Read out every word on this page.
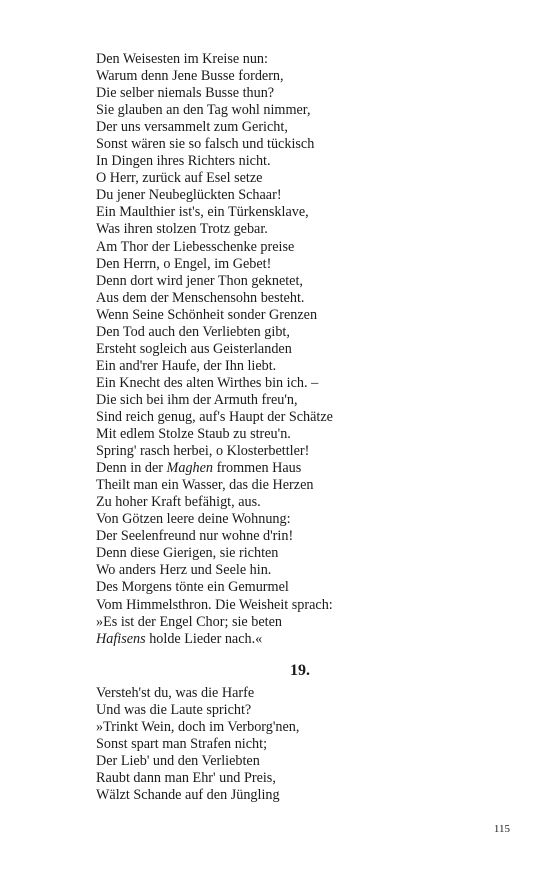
Den Weisesten im Kreise nun:
Warum denn Jene Busse fordern,
Die selber niemals Busse thun?
Sie glauben an den Tag wohl nimmer,
Der uns versammelt zum Gericht,
Sonst wären sie so falsch und tückisch
In Dingen ihres Richters nicht.
O Herr, zurück auf Esel setze
Du jener Neubeglückten Schaar!
Ein Maulthier ist's, ein Türkensklave,
Was ihren stolzen Trotz gebar.
Am Thor der Liebesschenke preise
Den Herrn, o Engel, im Gebet!
Denn dort wird jener Thon geknetet,
Aus dem der Menschensohn besteht.
Wenn Seine Schönheit sonder Grenzen
Den Tod auch den Verliebten gibt,
Ersteht sogleich aus Geisterlanden
Ein and'rer Haufe, der Ihn liebt.
Ein Knecht des alten Wirthes bin ich. –
Die sich bei ihm der Armuth freu'n,
Sind reich genug, auf's Haupt der Schätze
Mit edlem Stolze Staub zu streu'n.
Spring' rasch herbei, o Klosterbettler!
Denn in der Maghen frommen Haus
Theilt man ein Wasser, das die Herzen
Zu hoher Kraft befähigt, aus.
Von Götzen leere deine Wohnung:
Der Seelenfreund nur wohne d'rin!
Denn diese Gierigen, sie richten
Wo anders Herz und Seele hin.
Des Morgens tönte ein Gemurmel
Vom Himmelsthron. Die Weisheit sprach:
»Es ist der Engel Chor; sie beten
Hafisens holde Lieder nach.«
19.
Versteh'st du, was die Harfe
Und was die Laute spricht?
»Trinkt Wein, doch im Verborg'nen,
Sonst spart man Strafen nicht;
Der Lieb' und den Verliebten
Raubt dann man Ehr' und Preis,
Wälzt Schande auf den Jüngling
115
